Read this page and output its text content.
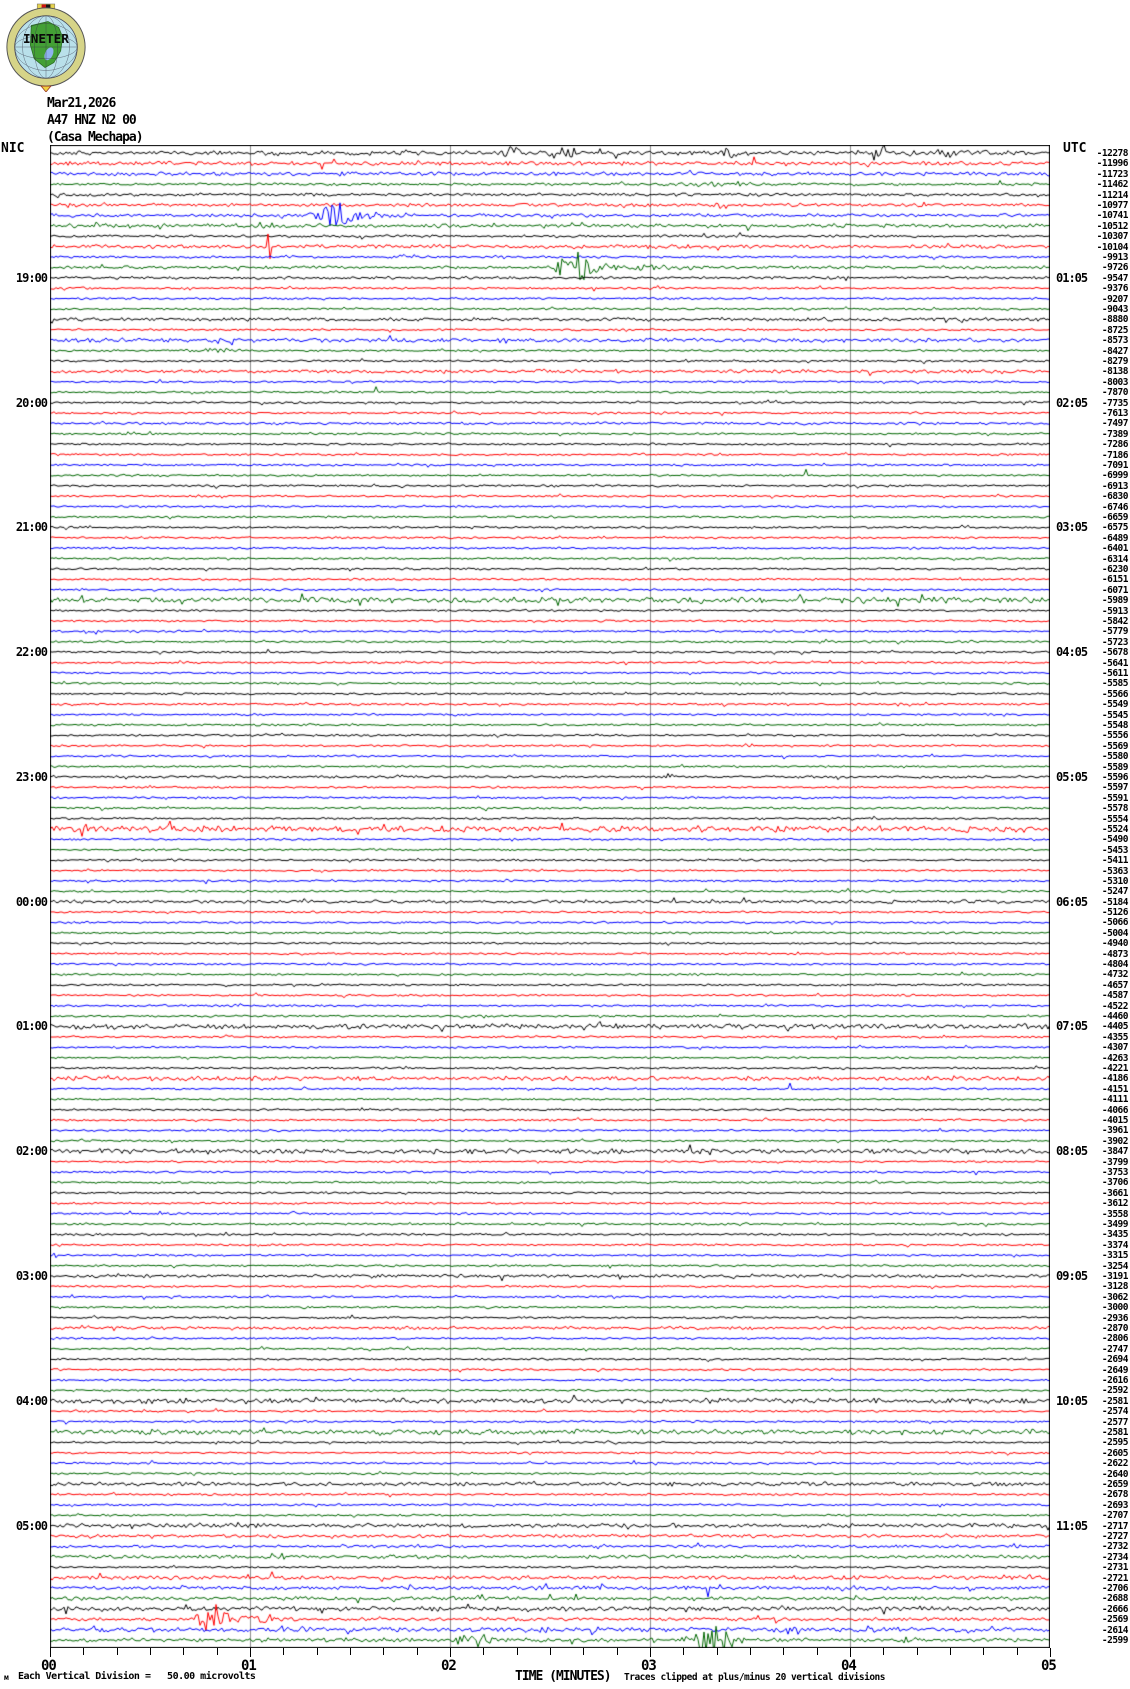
INETER
Mar21,2026
A47 HNZ N2 00
(Casa Mechapa)
NIC	UTC
19:00
20:00
21:00
22:00
23:00
00:00
01:00
02:00
03:00
04:00
05:00
01:05
02:05
03:05
04:05
05:05
06:05
07:05
08:05
09:05
10:05
11:05
-12278
-11996
-11723
-11462
-11214
-10977
-10741
-10512
-10307
-10104
-9913
-9726
-9547
-9376
-9207
-9043
-8880
-8725
-8573
-8427
-8279
-8138
-8003
-7870
-7735
-7613
-7497
-7389
-7286
-7186
-7091
-6999
-6913
-6830
-6746
-6659
-6575
-6489
-6401
-6314
-6230
-6151
-6071
-5989
-5913
-5842
-5779
-5723
-5678
-5641
-5611
-5585
-5566
-5549
-5545
-5548
-5556
-5569
-5580
-5589
-5596
-5597
-5591
-5578
-5554
-5524
-5490
-5453
-5411
-5363
-5310
-5247
-5184
-5126
-5066
-5004
-4940
-4873
-4804
-4732
-4657
-4587
-4522
-4460
-4405
-4355
-4307
-4263
-4221
-4186
-4151
-4111
-4066
-4015
-3961
-3902
-3847
-3799
-3753
-3706
-3661
-3612
-3558
-3499
-3435
-3374
-3315
-3254
-3191
-3128
-3062
-3000
-2936
-2870
-2806
-2747
-2694
-2649
-2616
-2592
-2581
-2574
-2577
-2581
-2595
-2605
-2622
-2640
-2659
-2678
-2693
-2707
-2717
-2727
-2732
-2734
-2731
-2721
-2706
-2688
-2666
-2569
-2614
-2599
00	01	02	03	04	05
м Each Vertical Division =   50.00 microvolts	TIME (MINUTES) Traces clipped at plus/minus 20 vertical divisions
